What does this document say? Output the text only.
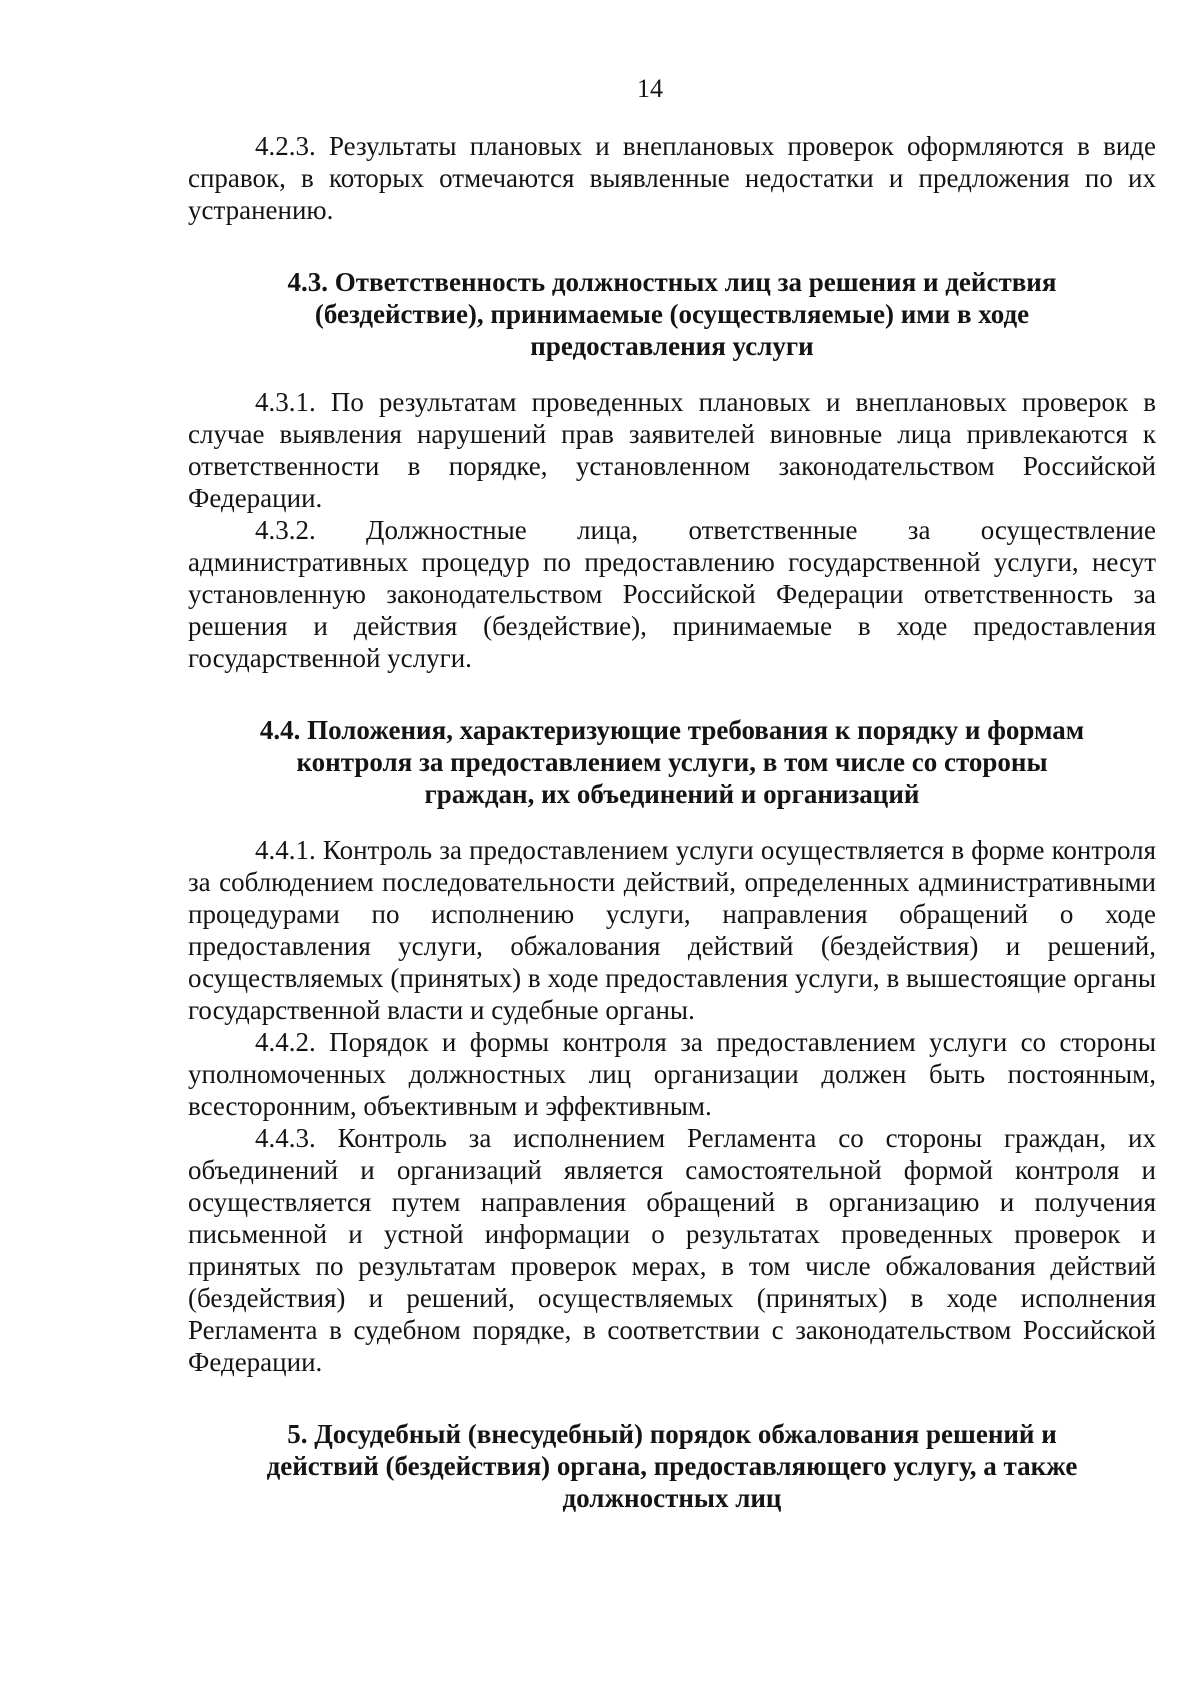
14

4.2.3. Результаты плановых и внеплановых проверок оформляются в виде справок, в которых отмечаются выявленные недостатки и предложения по их устранению.

4.3. Ответственность должностных лиц за решения и действия (бездействие), принимаемые (осуществляемые) ими в ходе предоставления услуги

4.3.1. По результатам проведенных плановых и внеплановых проверок в случае выявления нарушений прав заявителей виновные лица привлекаются к ответственности в порядке, установленном законодательством Российской Федерации.

4.3.2. Должностные лица, ответственные за осуществление административных процедур по предоставлению государственной услуги, несут установленную законодательством Российской Федерации ответственность за решения и действия (бездействие), принимаемые в ходе предоставления государственной услуги.

4.4. Положения, характеризующие требования к порядку и формам контроля за предоставлением услуги, в том числе со стороны граждан, их объединений и организаций

4.4.1. Контроль за предоставлением услуги осуществляется в форме контроля за соблюдением последовательности действий, определенных административными процедурами по исполнению услуги, направления обращений о ходе предоставления услуги, обжалования действий (бездействия) и решений, осуществляемых (принятых) в ходе предоставления услуги, в вышестоящие органы государственной власти и судебные органы.

4.4.2. Порядок и формы контроля за предоставлением услуги со стороны уполномоченных должностных лиц организации должен быть постоянным, всесторонним, объективным и эффективным.

4.4.3. Контроль за исполнением Регламента со стороны граждан, их объединений и организаций является самостоятельной формой контроля и осуществляется путем направления обращений в организацию и получения письменной и устной информации о результатах проведенных проверок и принятых по результатам проверок мерах, в том числе обжалования действий (бездействия) и решений, осуществляемых (принятых) в ходе исполнения Регламента в судебном порядке, в соответствии с законодательством Российской Федерации.

5. Досудебный (внесудебный) порядок обжалования решений и действий (бездействия) органа, предоставляющего услугу, а также должностных лиц
